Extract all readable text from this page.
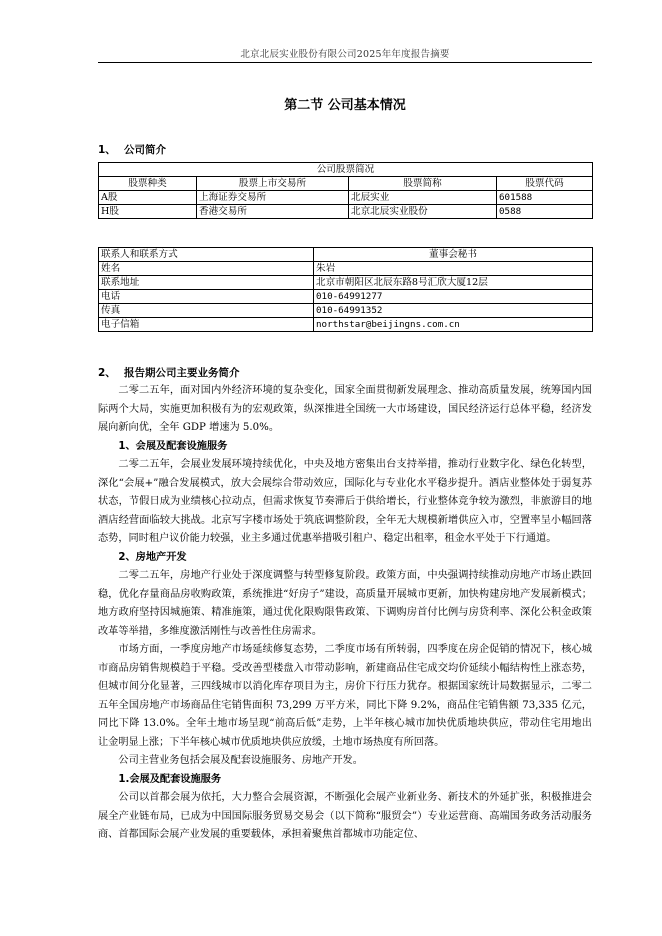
北京北辰实业股份有限公司2025年年度报告摘要
第二节 公司基本情况
1、 公司简介
公司股票简况			
股票种类	股票上市交易所	股票简称	股票代码
A股	上海证券交易所	北辰实业	601588
H股	香港交易所	北京北辰实业股份	0588
联系人和联系方式	董事会秘书
姓名	朱岩
联系地址	北京市朝阳区北辰东路8号汇欣大厦12层
电话	010-64991277
传真	010-64991352
电子信箱	northstar@beijingns.com.cn
2、 报告期公司主要业务简介

二零二五年，面对国内外经济环境的复杂变化，国家全面贯彻新发展理念、推动高质量发展，统筹国内国际两个大局，实施更加积极有为的宏观政策，纵深推进全国统一大市场建设，国民经济运行总体平稳，经济发展向新向优，全年 GDP 增速为 5.0%。

1、会展及配套设施服务

二零二五年，会展业发展环境持续优化，中央及地方密集出台支持举措，推动行业数字化、绿色化转型，深化“会展+”融合发展模式，放大会展综合带动效应，国际化与专业化水平稳步提升。酒店业整体处于弱复苏状态，节假日成为业绩核心拉动点，但需求恢复节奏滞后于供给增长，行业整体竞争较为激烈，非旅游目的地酒店经营面临较大挑战。北京写字楼市场处于筑底调整阶段，全年无大规模新增供应入市，空置率呈小幅回落态势，同时租户议价能力较强，业主多通过优惠举措吸引租户、稳定出租率，租金水平处于下行通道。

2、房地产开发

二零二五年，房地产行业处于深度调整与转型修复阶段。政策方面，中央强调持续推动房地产市场止跌回稳，优化存量商品房收购政策，系统推进“好房子”建设，高质量开展城市更新，加快构建房地产发展新模式；地方政府坚持因城施策、精准施策，通过优化限购限售政策、下调购房首付比例与房贷利率、深化公积金政策改革等举措，多维度激活刚性与改善性住房需求。

市场方面，一季度房地产市场延续修复态势，二季度市场有所转弱，四季度在房企促销的情况下，核心城市商品房销售规模趋于平稳。受改善型楼盘入市带动影响，新建商品住宅成交均价延续小幅结构性上涨态势，但城市间分化显著，三四线城市以消化库存项目为主，房价下行压力犹存。根据国家统计局数据显示，二零二五年全国房地产市场商品住宅销售面积 73,299 万平方米，同比下降 9.2%，商品住宅销售额 73,335 亿元，同比下降 13.0%。全年土地市场呈现“前高后低”走势，上半年核心城市加快优质地块供应，带动住宅用地出让金明显上涨；下半年核心城市优质地块供应放缓，土地市场热度有所回落。

公司主营业务包括会展及配套设施服务、房地产开发。

1.会展及配套设施服务

公司以首都会展为依托，大力整合会展资源，不断强化会展产业新业务、新技术的外延扩张，积极推进会展全产业链布局，已成为中国国际服务贸易交易会（以下简称“服贸会”）专业运营商、高端国务政务活动服务商、首都国际会展产业发展的重要载体，承担着聚焦首都城市功能定位、
